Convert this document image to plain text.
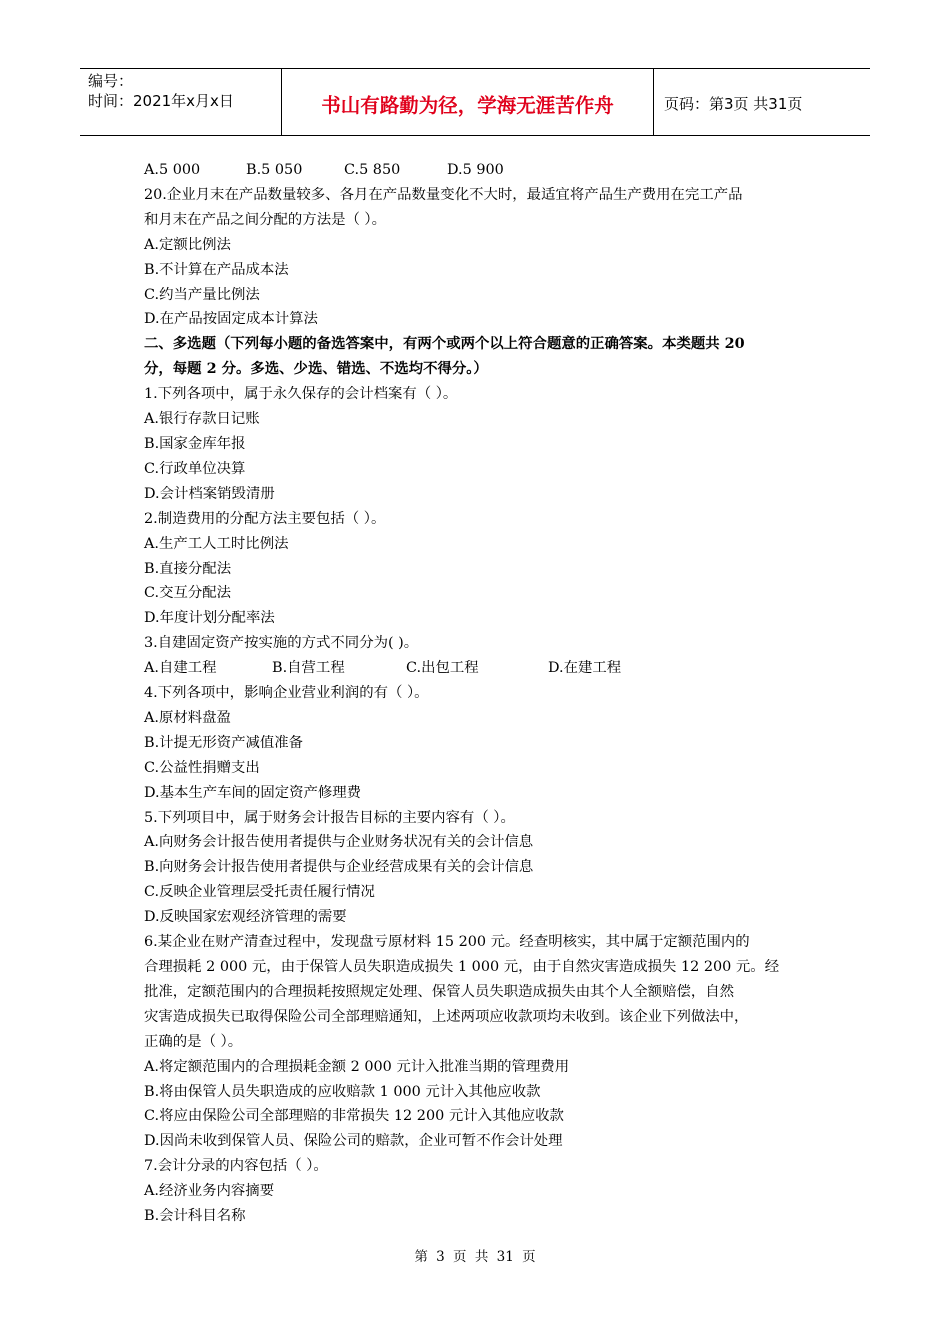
编号：
时间：2021年x月x日	书山有路勤为径，学海无涯苦作舟	页码：第3页 共31页
A.5 000	B.5 050	C.5 850	D.5 900
20.企业月末在产品数量较多、各月在产品数量变化不大时，最适宜将产品生产费用在完工产品
和月末在产品之间分配的方法是（ ）。
A.定额比例法
B.不计算在产品成本法
C.约当产量比例法
D.在产品按固定成本计算法
二、多选题（下列每小题的备选答案中，有两个或两个以上符合题意的正确答案。本类题共 20
分，每题 2 分。多选、少选、错选、不选均不得分。）
1.下列各项中，属于永久保存的会计档案有（ ）。
A.银行存款日记账
B.国家金库年报
C.行政单位决算
D.会计档案销毁清册
2.制造费用的分配方法主要包括（ ）。
A.生产工人工时比例法
B.直接分配法
C.交互分配法
D.年度计划分配率法
3.自建固定资产按实施的方式不同分为( )。
A.自建工程	B.自营工程	C.出包工程	D.在建工程
4.下列各项中，影响企业营业利润的有（ ）。
A.原材料盘盈
B.计提无形资产减值准备
C.公益性捐赠支出
D.基本生产车间的固定资产修理费
5.下列项目中，属于财务会计报告目标的主要内容有（ ）。
A.向财务会计报告使用者提供与企业财务状况有关的会计信息
B.向财务会计报告使用者提供与企业经营成果有关的会计信息
C.反映企业管理层受托责任履行情况
D.反映国家宏观经济管理的需要
6.某企业在财产清查过程中，发现盘亏原材料 15 200 元。经查明核实，其中属于定额范围内的
合理损耗 2 000 元，由于保管人员失职造成损失 1 000 元，由于自然灾害造成损失 12 200 元。经
批准，定额范围内的合理损耗按照规定处理、保管人员失职造成损失由其个人全额赔偿，自然
灾害造成损失已取得保险公司全部理赔通知，上述两项应收款项均未收到。该企业下列做法中，
正确的是（ ）。
A.将定额范围内的合理损耗金额 2 000 元计入批准当期的管理费用
B.将由保管人员失职造成的应收赔款 1 000 元计入其他应收款
C.将应由保险公司全部理赔的非常损失 12 200 元计入其他应收款
D.因尚未收到保管人员、保险公司的赔款，企业可暂不作会计处理
7.会计分录的内容包括（ ）。
A.经济业务内容摘要
B.会计科目名称
第 3 页 共 31 页
